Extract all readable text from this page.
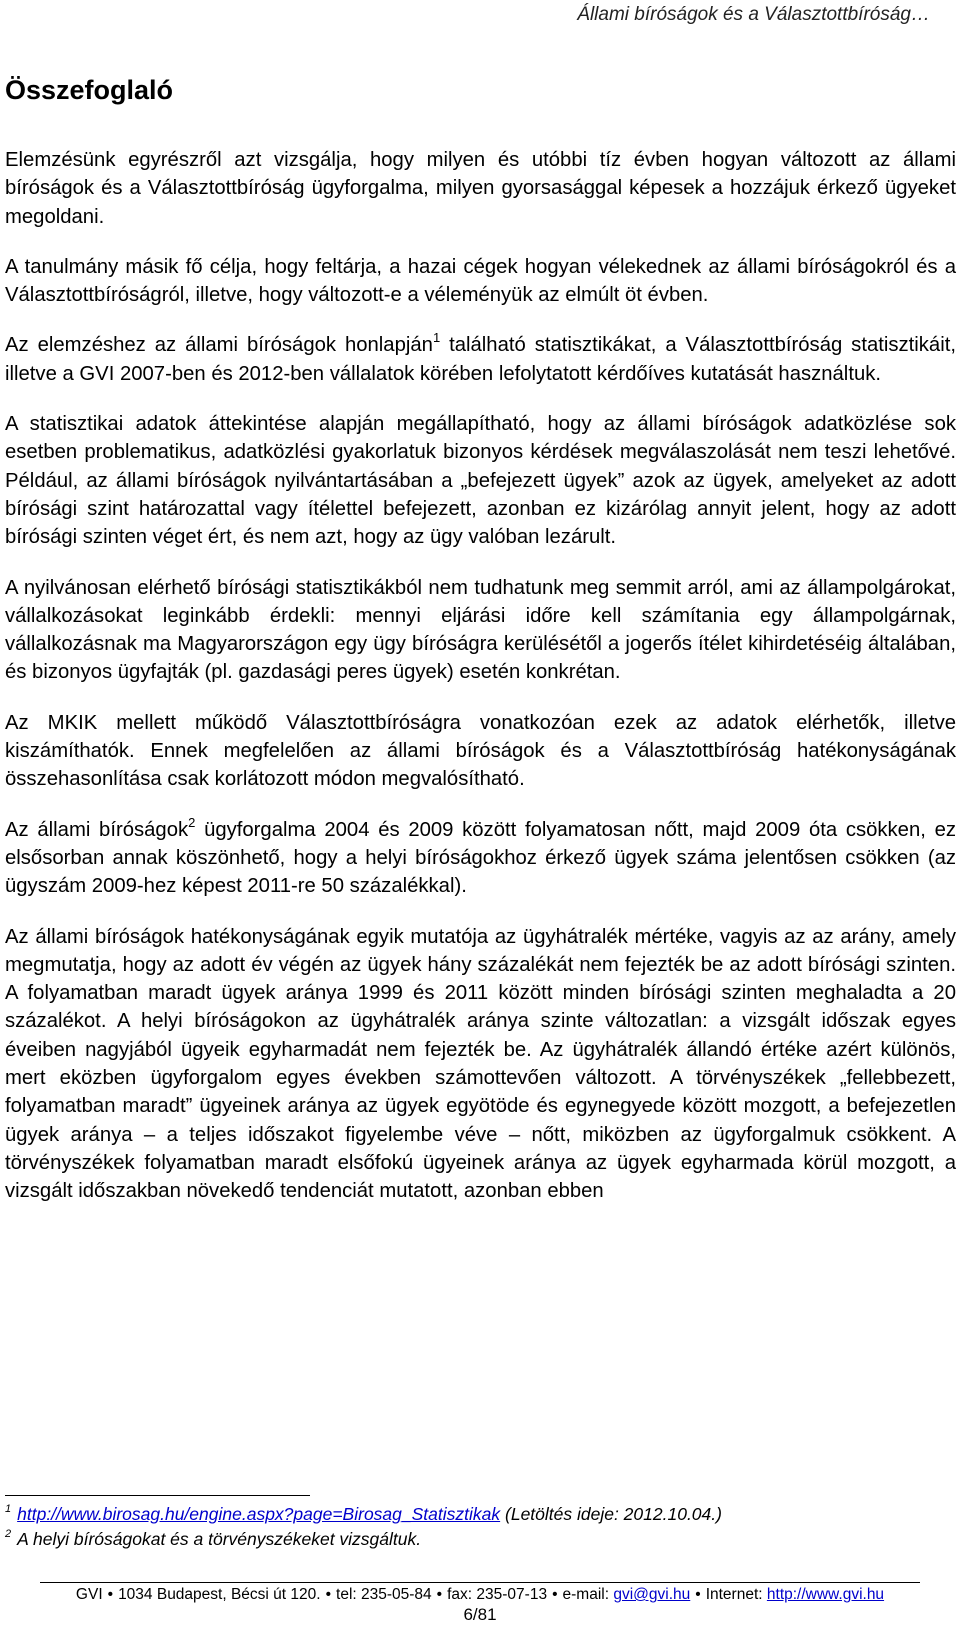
Állami bíróságok és a Választottbíróság…
Összefoglaló

Elemzésünk egyrészről azt vizsgálja, hogy milyen és utóbbi tíz évben hogyan változott az állami bíróságok és a Választottbíróság ügyforgalma, milyen gyorsasággal képesek a hozzájuk érkező ügyeket megoldani.

A tanulmány másik fő célja, hogy feltárja, a hazai cégek hogyan vélekednek az állami bíróságokról és a Választottbíróságról, illetve, hogy változott-e a véleményük az elmúlt öt évben.

Az elemzéshez az állami bíróságok honlapján$^1$ található statisztikákat, a Választottbíróság statisztikáit, illetve a GVI 2007-ben és 2012-ben vállalatok körében lefolytatott kérdőíves kutatását használtuk.

A statisztikai adatok áttekintése alapján megállapítható, hogy az állami bíróságok adatközlése sok esetben problematikus, adatközlési gyakorlatuk bizonyos kérdések megválaszolását nem teszi lehetővé. Például, az állami bíróságok nyilvántartásában a „befejezett ügyek” azok az ügyek, amelyeket az adott bírósági szint határozattal vagy ítélettel befejezett, azonban ez kizárólag annyit jelent, hogy az adott bírósági szinten véget ért, és nem azt, hogy az ügy valóban lezárult.

A nyilvánosan elérhető bírósági statisztikákból nem tudhatunk meg semmit arról, ami az állampolgárokat, vállalkozásokat leginkább érdekli: mennyi eljárási időre kell számítania egy állampolgárnak, vállalkozásnak ma Magyarországon egy ügy bíróságra kerülésétől a jogerős ítélet kihirdetéséig általában, és bizonyos ügyfajták (pl. gazdasági peres ügyek) esetén konkrétan.

Az MKIK mellett működő Választottbíróságra vonatkozóan ezek az adatok elérhetők, illetve kiszámíthatók. Ennek megfelelően az állami bíróságok és a Választottbíróság hatékonyságának összehasonlítása csak korlátozott módon megvalósítható.

Az állami bíróságok$^2$ ügyforgalma 2004 és 2009 között folyamatosan nőtt, majd 2009 óta csökken, ez elsősorban annak köszönhető, hogy a helyi bíróságokhoz érkező ügyek száma jelentősen csökken (az ügyszám 2009-hez képest 2011-re 50 százalékkal).

Az állami bíróságok hatékonyságának egyik mutatója az ügyhátralék mértéke, vagyis az az arány, amely megmutatja, hogy az adott év végén az ügyek hány százalékát nem fejezték be az adott bírósági szinten. A folyamatban maradt ügyek aránya 1999 és 2011 között minden bírósági szinten meghaladta a 20 százalékot. A helyi bíróságokon az ügyhátralék aránya szinte változatlan: a vizsgált időszak egyes éveiben nagyjából ügyeik egyharmadát nem fejezték be. Az ügyhátralék állandó értéke azért különös, mert eközben ügyforgalom egyes években számottevően változott. A törvényszékek „fellebbezett, folyamatban maradt” ügyeinek aránya az ügyek egyötöde és egynegyede között mozgott, a befejezetlen ügyek aránya – a teljes időszakot figyelembe véve – nőtt, miközben az ügyforgalmuk csökkent. A törvényszékek folyamatban maradt elsőfokú ügyeinek aránya az ügyek egyharmada körül mozgott, a vizsgált időszakban növekedő tendenciát mutatott, azonban ebben

$^1$ http://www.birosag.hu/engine.aspx?page=Birosag_Statisztikak (Letöltés ideje: 2012.10.04.)

$^2$ A helyi bíróságokat és a törvényszékeket vizsgáltuk.

GVI • 1034 Budapest, Bécsi út 120. • tel: 235-05-84 • fax: 235-07-13 • e-mail: gvi@gvi.hu • Internet: http://www.gvi.hu
6/81
